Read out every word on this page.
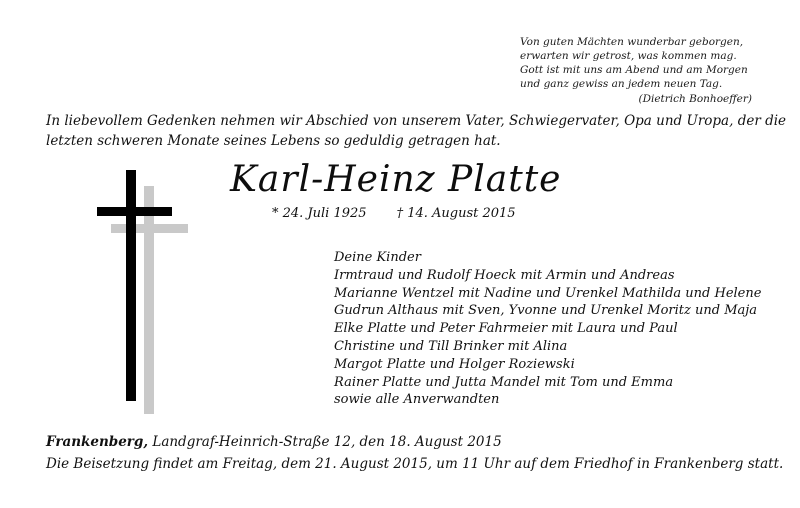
Von guten Mächten wunderbar geborgen,
erwarten wir getrost, was kommen mag.
Gott ist mit uns am Abend und am Morgen
und ganz gewiss an jedem neuen Tag.
(Dietrich Bonhoeffer)
In liebevollem Gedenken nehmen wir Abschied von unserem Vater, Schwiegervater, Opa und Uropa, der die
letzten schweren Monate seines Lebens so geduldig getragen hat.
Karl-Heinz Platte
* 24. Juli 1925 † 14. August 2015
Deine Kinder
Irmtraud und Rudolf Hoeck mit Armin und Andreas
Marianne Wentzel mit Nadine und Urenkel Mathilda und Helene
Gudrun Althaus mit Sven, Yvonne und Urenkel Moritz und Maja
Elke Platte und Peter Fahrmeier mit Laura und Paul
Christine und Till Brinker mit Alina
Margot Platte und Holger Roziewski
Rainer Platte und Jutta Mandel mit Tom und Emma
sowie alle Anverwandten
Frankenberg, Landgraf-Heinrich-Straße 12, den 18. August 2015
Die Beisetzung findet am Freitag, dem 21. August 2015, um 11 Uhr auf dem Friedhof in Frankenberg statt.
